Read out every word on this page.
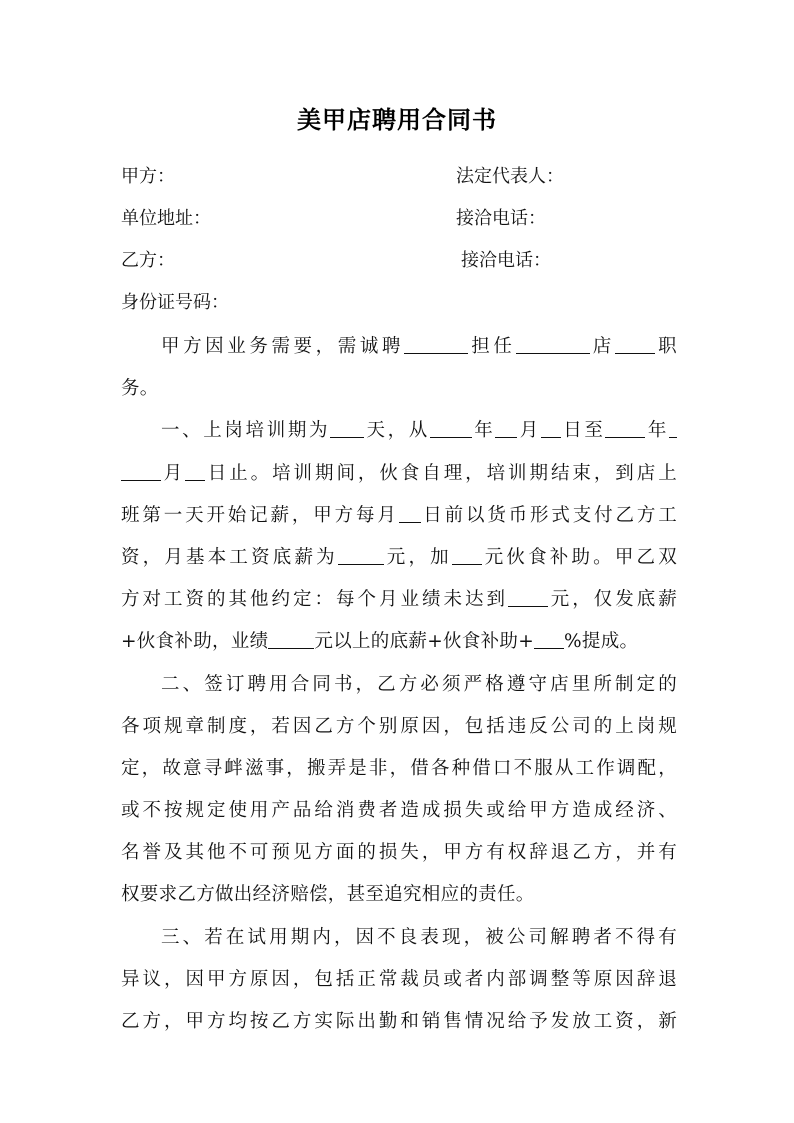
美甲店聘用合同书
甲方：	法定代表人：
单位地址：	接洽电话：
乙方：	接洽电话：
身份证号码：
甲方因业务需要，需诚聘	担任	店 职
务。
一、上岗培训期为 天，从 年 月 日至 年
月 日止。培训期间，伙食自理，培训期结束，到店上
班第一天开始记薪，甲方每月 日前以货币形式支付乙方工
资，月基本工资底薪为 元，加 元伙食补助。甲乙双
方对工资的其他约定：每个月业绩未达到 元，仅发底薪
+伙食补助，业绩 元以上的底薪+伙食补助+ %提成。
二、签订聘用合同书，乙方必须严格遵守店里所制定的
各项规章制度，若因乙方个别原因，包括违反公司的上岗规
定，故意寻衅滋事，搬弄是非，借各种借口不服从工作调配，
或不按规定使用产品给消费者造成损失或给甲方造成经济、
名誉及其他不可预见方面的损失，甲方有权辞退乙方，并有
权要求乙方做出经济赔偿，甚至追究相应的责任。
三、若在试用期内，因不良表现，被公司解聘者不得有
异议，因甲方原因，包括正常裁员或者内部调整等原因辞退
乙方，甲方均按乙方实际出勤和销售情况给予发放工资，新
